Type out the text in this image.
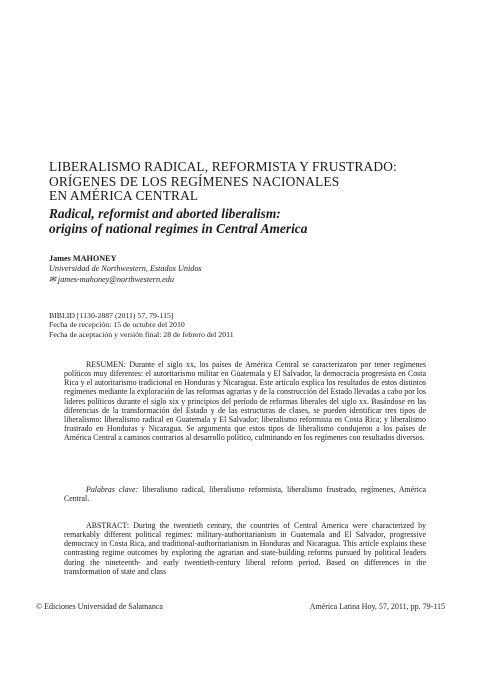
LIBERALISMO RADICAL, REFORMISTA Y FRUSTRADO:
ORÍGENES DE LOS REGÍMENES NACIONALES
EN AMÉRICA CENTRAL
Radical, reformist and aborted liberalism:
origins of national regimes in Central America
James MAHONEY
Universidad de Northwestern, Estados Unidos
✉ james-mahoney@northwestern.edu
BIBLID [1130-2887 (2011) 57, 79-115]
Fecha de recepción: 15 de octubre del 2010
Fecha de aceptación y versión final: 28 de febrero del 2011

RESUMEN: Durante el siglo xx, los países de América Central se caracterizaron por tener regímenes políticos muy diferentes: el autoritarismo militar en Guatemala y El Salvador, la democracia progresista en Costa Rica y el autoritarismo tradicional en Honduras y Nicaragua. Este artículo explica los resultados de estos distintos regímenes mediante la exploración de las reformas agrarias y de la construcción del Estado llevadas a cabo por los líderes políticos durante el siglo xix y principios del período de reformas liberales del siglo xx. Basándose en las diferencias de la transformación del Estado y de las estructuras de clases, se pueden identificar tres tipos de liberalismo: liberalismo radical en Guatemala y El Salvador; liberalismo reformista en Costa Rica; y liberalismo frustrado en Honduras y Nicaragua. Se argumenta que estos tipos de liberalismo condujeron a los países de América Central a caminos contrarios al desarrollo político, culminando en los regímenes con resultados diversos.

Palabras clave: liberalismo radical, liberalismo reformista, liberalismo frustrado, regímenes, América Central.

ABSTRACT: During the twentieth century, the countries of Central America were characterized by remarkably different political regimes: military-authoritarianism in Guatemala and El Salvador, progressive democracy in Costa Rica, and traditional-authoritarianism in Honduras and Nicaragua. This article explains these contrasting regime outcomes by exploring the agrarian and state-building reforms pursued by political leaders during the nineteenth- and early twentieth-century liberal reform period. Based on differences in the transformation of state and class

© Ediciones Universidad de Salamanca	América Latina Hoy, 57, 2011, pp. 79-115
